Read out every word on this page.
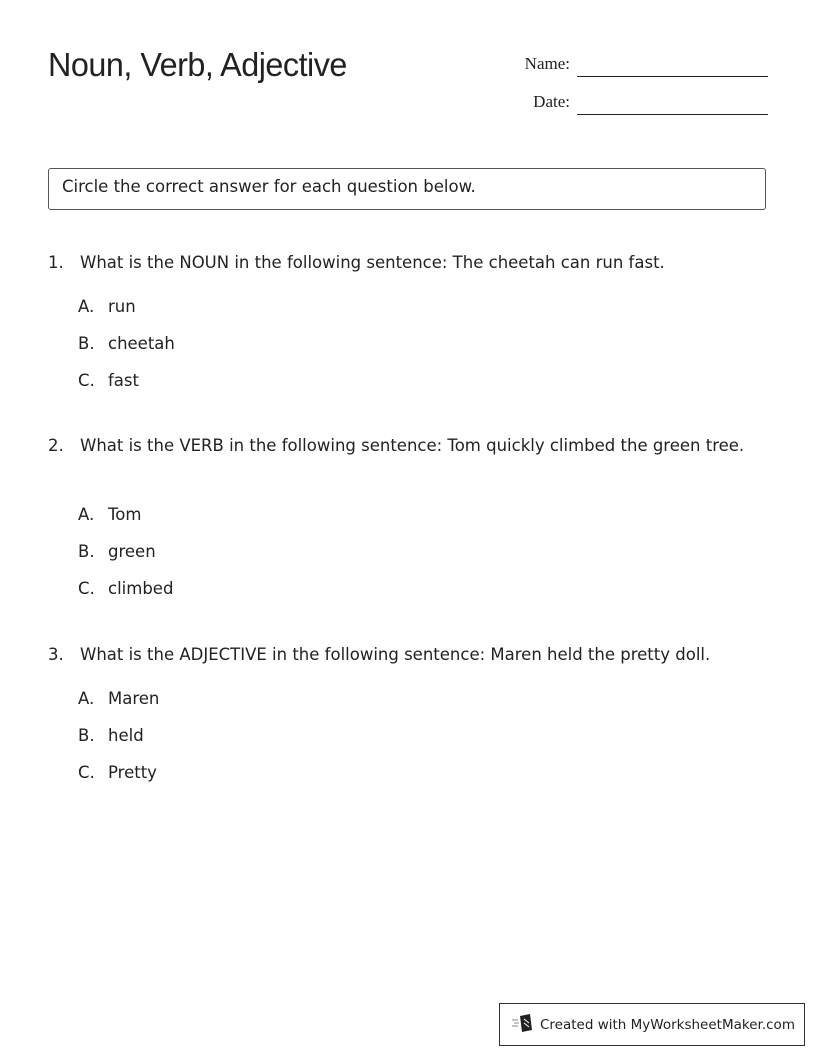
Noun, Verb, Adjective	Name:
Date:
Circle the correct answer for each question below.
1. What is the NOUN in the following sentence: The cheetah can run fast.
A. run
B. cheetah
C. fast
2. What is the VERB in the following sentence: Tom quickly climbed the green tree.
A. Tom
B. green
C. climbed
3. What is the ADJECTIVE in the following sentence: Maren held the pretty doll.
A. Maren
B. held
C. Pretty
Created with MyWorksheetMaker.com
